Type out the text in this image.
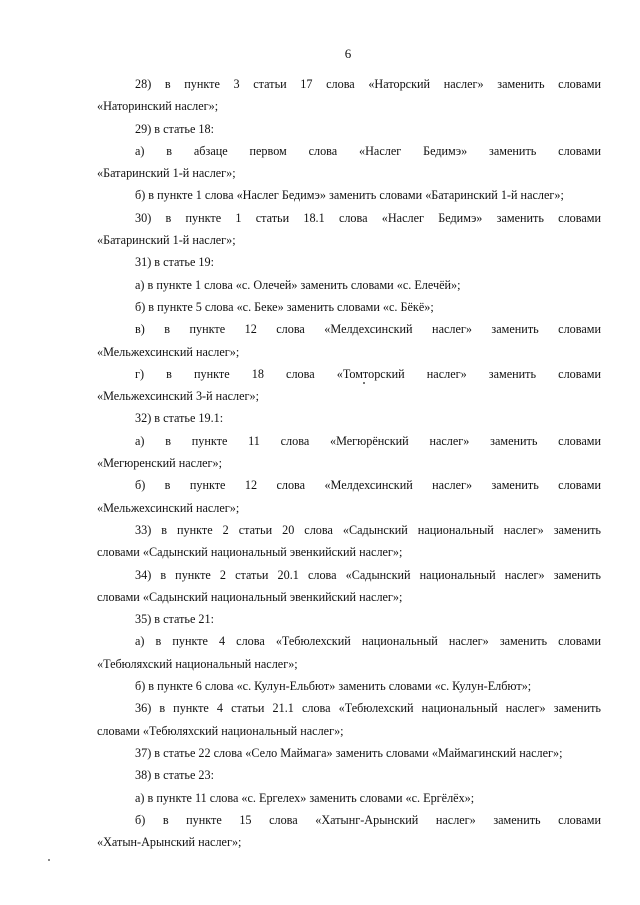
6

28) в пункте 3 статьи 17 слова «Наторский наслег» заменить словами
«Наторинский наслег»;

29) в статье 18:

а) в абзаце первом слова «Наслег Бедимэ» заменить словами
«Батаринский 1-й наслег»;

б) в пункте 1 слова «Наслег Бедимэ» заменить словами «Батаринский 1-й наслег»;

30) в пункте 1 статьи 18.1 слова «Наслег Бедимэ» заменить словами
«Батаринский 1-й наслег»;

31) в статье 19:

а) в пункте 1 слова «с. Олечей» заменить словами «с. Елечёй»;

б) в пункте 5 слова «с. Беке» заменить словами «с. Бёкё»;

в) в пункте 12 слова «Мелдехсинский наслег» заменить словами
«Мельжехсинский наслег»;

г) в пункте 18 слова «Томторский наслег» заменить словами
«Мельжехсинский 3-й наслег»;

32) в статье 19.1:

а) в пункте 11 слова «Мегюрёнский наслег» заменить словами
«Мегюренский наслег»;

б) в пункте 12 слова «Мелдехсинский наслег» заменить словами
«Мельжехсинский наслег»;

33) в пункте 2 статьи 20 слова «Садынский национальный наслег» заменить
словами «Садынский национальный эвенкийский наслег»;

34) в пункте 2 статьи 20.1 слова «Садынский национальный наслег» заменить
словами «Садынский национальный эвенкийский наслег»;

35) в статье 21:

а) в пункте 4 слова «Тебюлехский национальный наслег» заменить словами
«Тебюляхский национальный наслег»;

б) в пункте 6 слова «с. Кулун-Ельбют» заменить словами «с. Кулун-Елбют»;

36) в пункте 4 статьи 21.1 слова «Тебюлехский национальный наслег» заменить
словами «Тебюляхский национальный наслег»;

37) в статье 22 слова «Село Маймага» заменить словами «Маймагинский наслег»;

38) в статье 23:

а) в пункте 11 слова «с. Ергелех» заменить словами «с. Ергёлёх»;

б) в пункте 15 слова «Хатынг-Арынский наслег» заменить словами
«Хатын-Арынский наслег»;
